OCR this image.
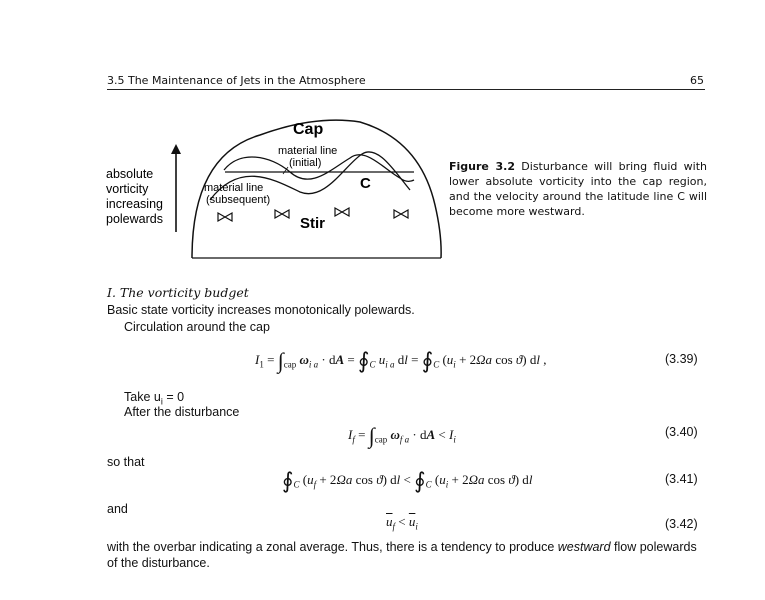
3.5 The Maintenance of Jets in the Atmosphere	65
absolute
vorticity
increasing
polewards
Cap
material line
(initial)
material line
(subsequent)
C
Stir
Figure 3.2 Disturbance will bring fluid with lower absolute vorticity into the cap region, and the velocity around the latitude line C will become more westward.
I. The vorticity budget
Basic state vorticity increases monotonically polewards.
Circulation around the cap
$I_1 = \int_{cap}$ $\omega_{i a}$ · dA = $∮_C$ $u_{i a}$ dl = $∮_C$ ($u_i + 2\Omega a$ cos ϑ) dl ,	(3.39)
Take $u_i = 0$
After the disturbance
$I_f = \int_{cap}$ $\omega_{f a}$ · dA < $I_i$
(3.40)
so that
$∮_C$ ($u_f + 2\Omega a$ cos ϑ) dl < $∮_C$ ($u_i + 2\Omega a$ cos ϑ) dl	(3.41)
and
$\overline{u}_f < \overline{u}_i$	(3.42)
with the overbar indicating a zonal average. Thus, there is a tendency to produce westward flow polewards of the disturbance.
